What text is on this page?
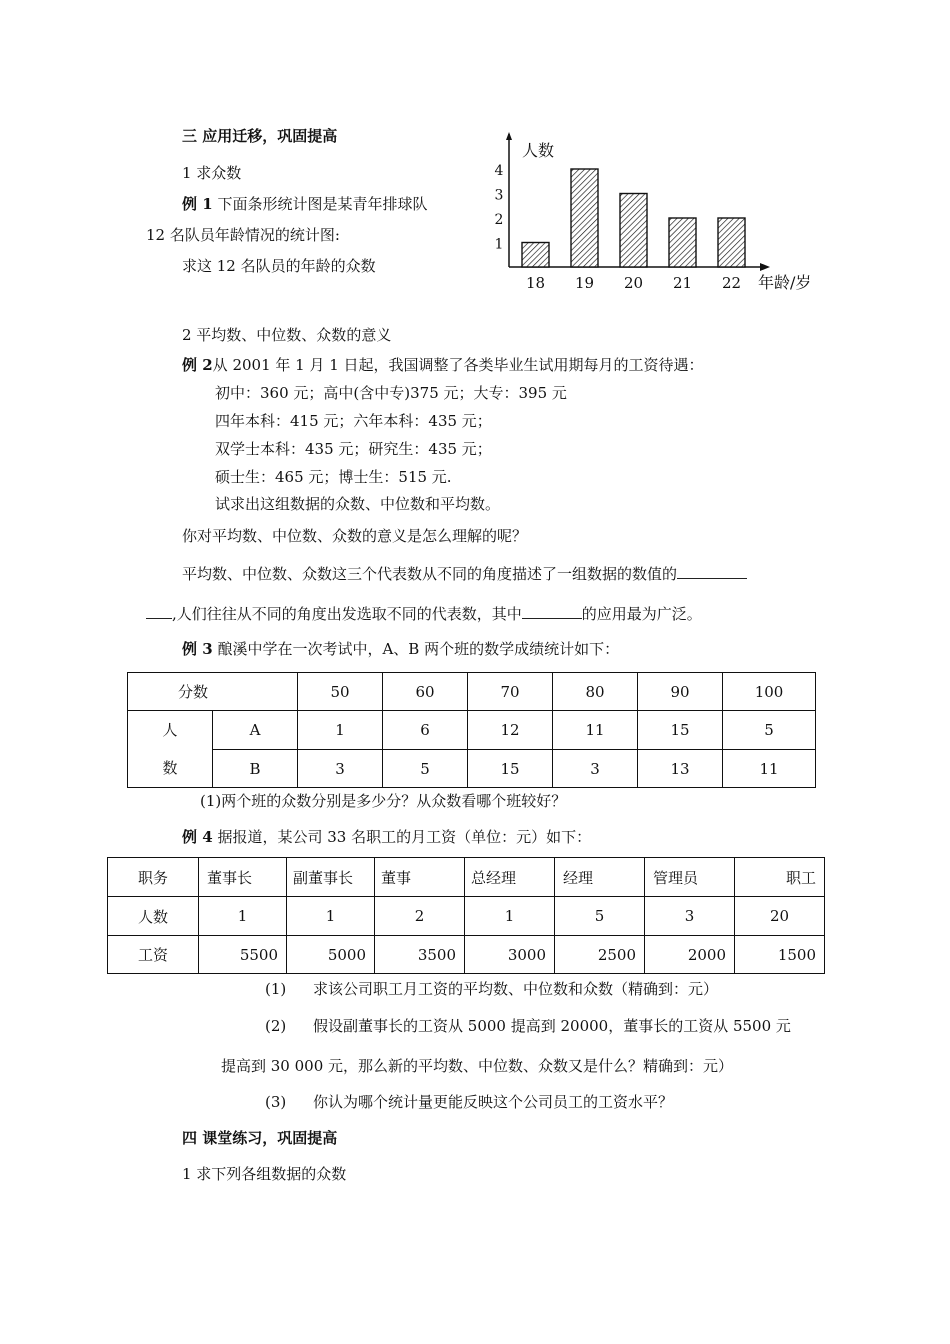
三 应用迁移，巩固提高
1 求众数
例 1 下面条形统计图是某青年排球队
12 名队员年龄情况的统计图:
求这 12 名队员的年龄的众数
人数
年龄/岁
1
2
3
4
18 19 20 21 22
2 平均数、中位数、众数的意义
例 2从 2001 年 1 月 1 日起，我国调整了各类毕业生试用期每月的工资待遇：
初中：360 元；高中(含中专)375 元；大专：395 元
四年本科：415 元；六年本科：435 元；
双学士本科：435 元；研究生：435 元；
硕士生：465 元；博士生：515 元.
试求出这组数据的众数、中位数和平均数。
你对平均数、中位数、众数的意义是怎么理解的呢？
平均数、中位数、众数这三个代表数从不同的角度描述了一组数据的数值的
,人们往往从不同的角度出发选取不同的代表数，其中	的应用最为广泛。
例 3 酿溪中学在一次考试中，A、B 两个班的数学成绩统计如下：
分数		50	60	70	80	90	100

人
数	A	1	6	12	11	15	5
	B	3	5	15	3	13	11
(1)两个班的众数分别是多少分？从众数看哪个班较好？
例 4 据报道，某公司 33 名职工的月工资（单位：元）如下：
职务	董事长	副董事长	董事	总经理	经理	管理员	职工
人数	1	1	2	1	5	3	20
工资	5500	5000	3500	3000	2500	2000	1500
(1) 求该公司职工月工资的平均数、中位数和众数（精确到：元）
(2) 假设副董事长的工资从 5000 提高到 20000，董事长的工资从 5500 元
提高到 30 000 元，那么新的平均数、中位数、众数又是什么？精确到：元）
(3) 你认为哪个统计量更能反映这个公司员工的工资水平？
四 课堂练习，巩固提高
1 求下列各组数据的众数
